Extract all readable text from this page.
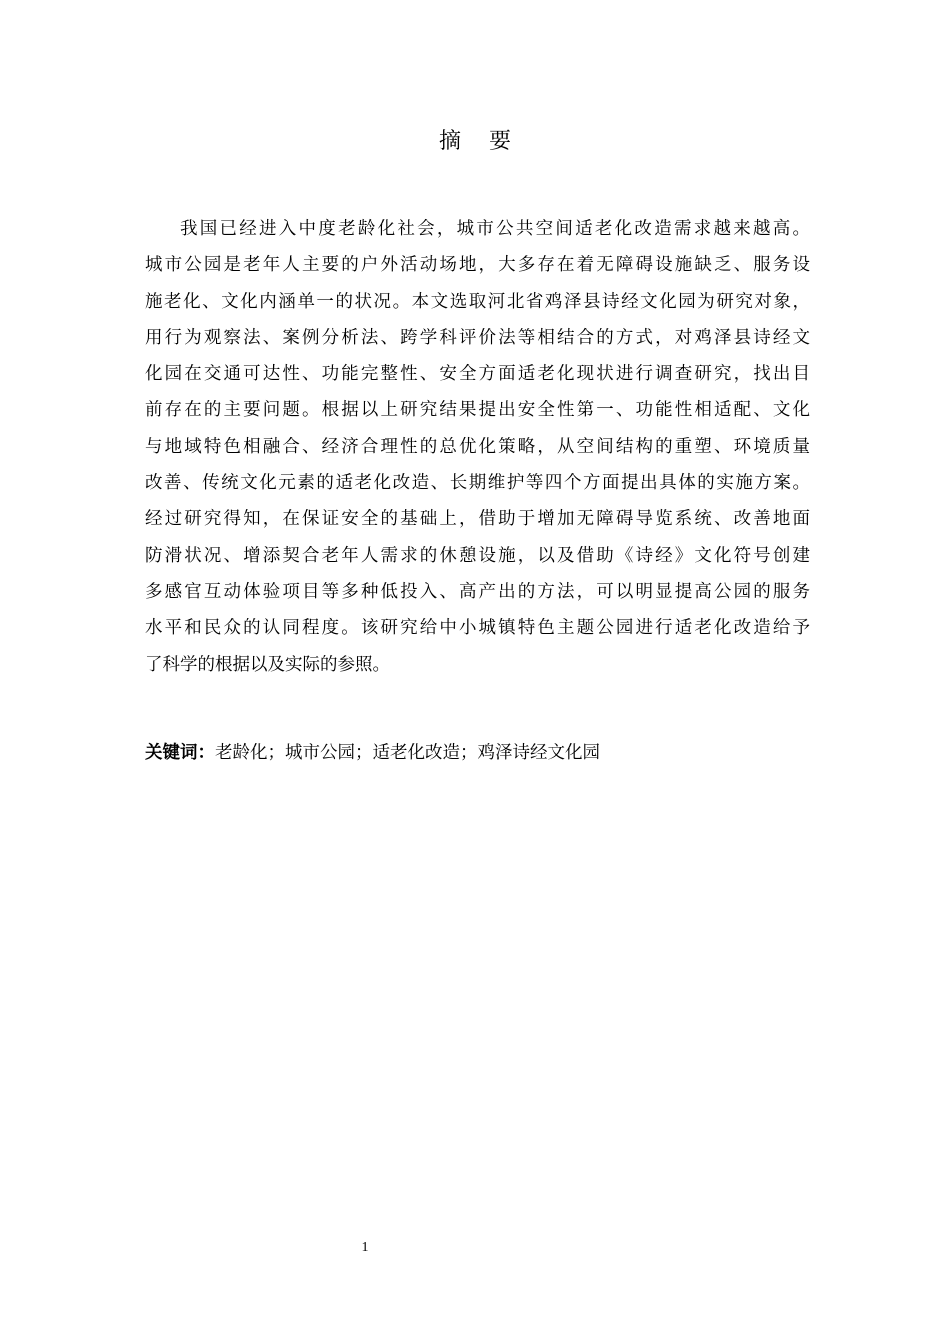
摘要
我国已经进入中度老龄化社会，城市公共空间适老化改造需求越来越高。
城市公园是老年人主要的户外活动场地，大多存在着无障碍设施缺乏、服务设
施老化、文化内涵单一的状况。本文选取河北省鸡泽县诗经文化园为研究对象，
用行为观察法、案例分析法、跨学科评价法等相结合的方式，对鸡泽县诗经文
化园在交通可达性、功能完整性、安全方面适老化现状进行调查研究，找出目
前存在的主要问题。根据以上研究结果提出安全性第一、功能性相适配、文化
与地域特色相融合、经济合理性的总优化策略，从空间结构的重塑、环境质量
改善、传统文化元素的适老化改造、长期维护等四个方面提出具体的实施方案。
经过研究得知，在保证安全的基础上，借助于增加无障碍导览系统、改善地面
防滑状况、增添契合老年人需求的休憩设施，以及借助《诗经》文化符号创建
多感官互动体验项目等多种低投入、高产出的方法，可以明显提高公园的服务
水平和民众的认同程度。该研究给中小城镇特色主题公园进行适老化改造给予
了科学的根据以及实际的参照。
关键词：老龄化；城市公园；适老化改造；鸡泽诗经文化园
1
